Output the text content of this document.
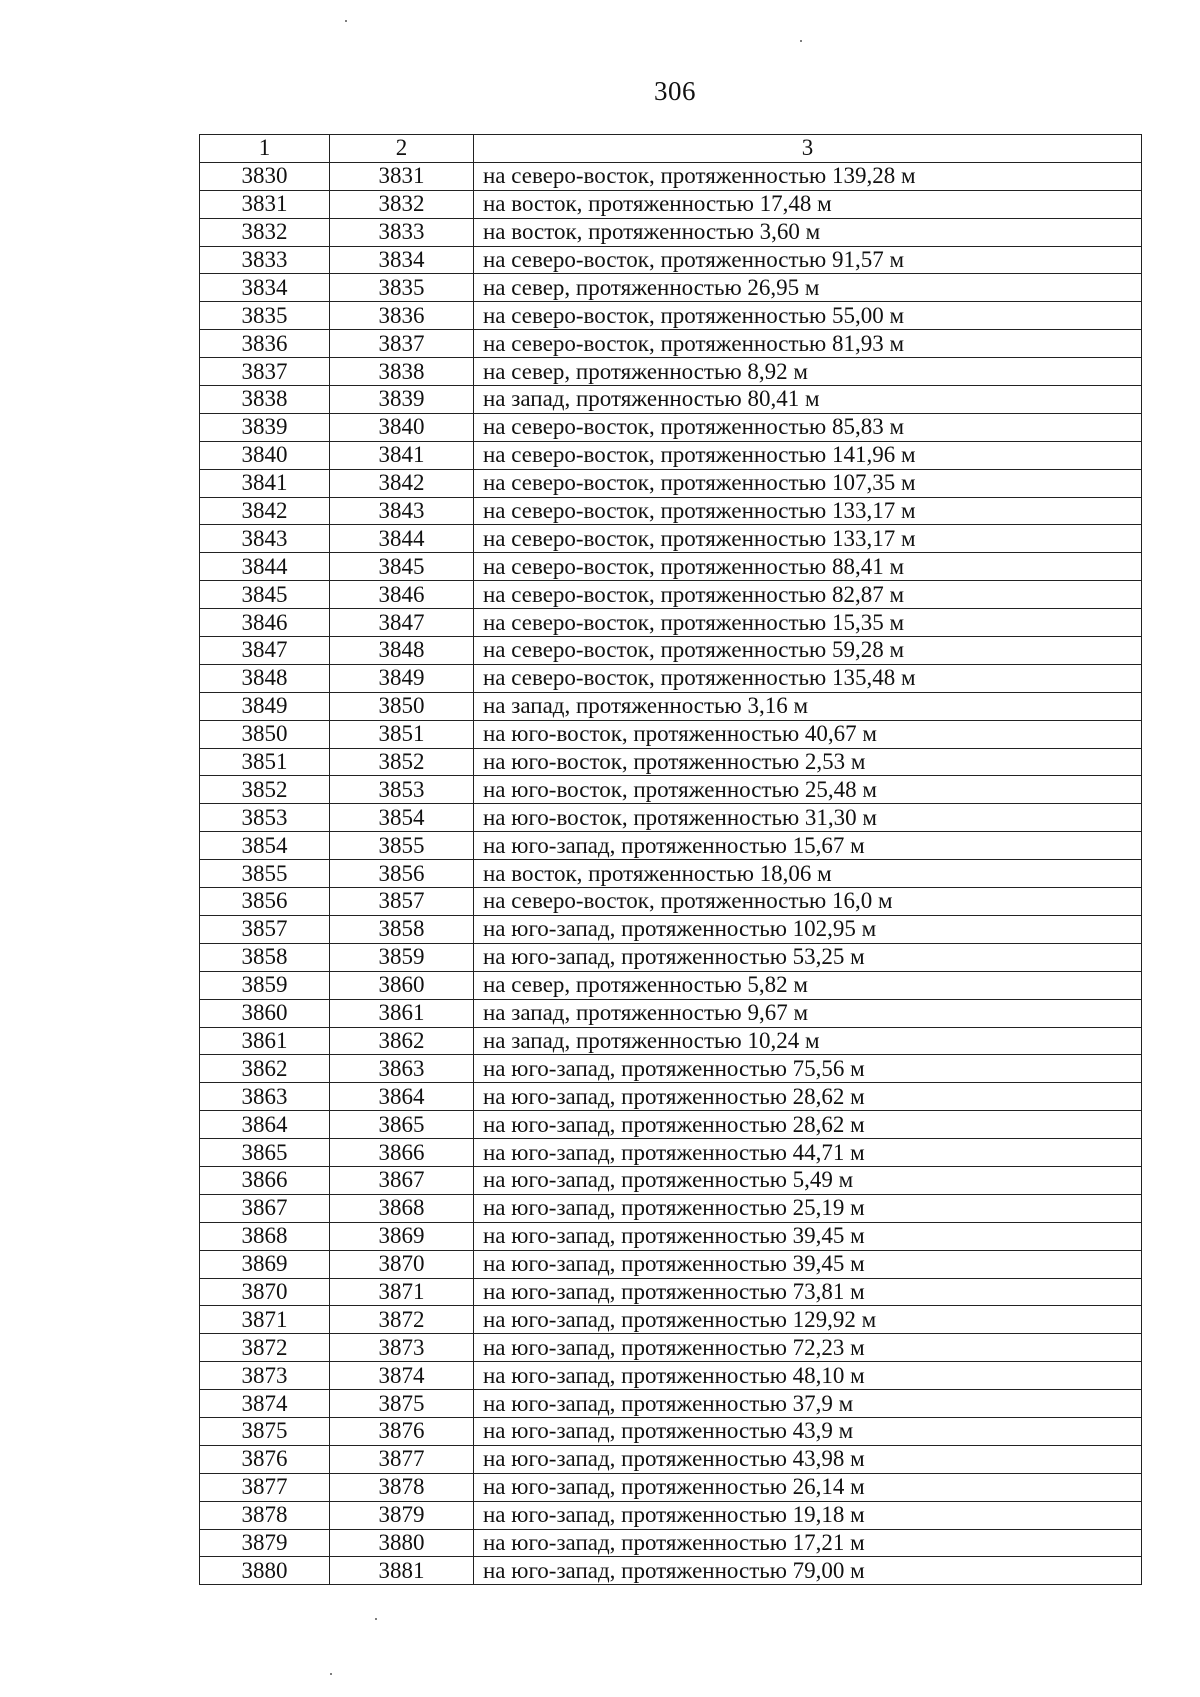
306
1	2	3
3830	3831	на северо-восток, протяженностью 139,28 м
3831	3832	на восток, протяженностью 17,48 м
3832	3833	на восток, протяженностью 3,60 м
3833	3834	на северо-восток, протяженностью 91,57 м
3834	3835	на север, протяженностью 26,95 м
3835	3836	на северо-восток, протяженностью 55,00 м
3836	3837	на северо-восток, протяженностью 81,93 м
3837	3838	на север, протяженностью 8,92 м
3838	3839	на запад, протяженностью 80,41 м
3839	3840	на северо-восток, протяженностью 85,83 м
3840	3841	на северо-восток, протяженностью 141,96 м
3841	3842	на северо-восток, протяженностью 107,35 м
3842	3843	на северо-восток, протяженностью 133,17 м
3843	3844	на северо-восток, протяженностью 133,17 м
3844	3845	на северо-восток, протяженностью 88,41 м
3845	3846	на северо-восток, протяженностью 82,87 м
3846	3847	на северо-восток, протяженностью 15,35 м
3847	3848	на северо-восток, протяженностью 59,28 м
3848	3849	на северо-восток, протяженностью 135,48 м
3849	3850	на запад, протяженностью 3,16 м
3850	3851	на юго-восток, протяженностью 40,67 м
3851	3852	на юго-восток, протяженностью 2,53 м
3852	3853	на юго-восток, протяженностью 25,48 м
3853	3854	на юго-восток, протяженностью 31,30 м
3854	3855	на юго-запад, протяженностью 15,67 м
3855	3856	на восток, протяженностью 18,06 м
3856	3857	на северо-восток, протяженностью 16,0 м
3857	3858	на юго-запад, протяженностью 102,95 м
3858	3859	на юго-запад, протяженностью 53,25 м
3859	3860	на север, протяженностью 5,82 м
3860	3861	на запад, протяженностью 9,67 м
3861	3862	на запад, протяженностью 10,24 м
3862	3863	на юго-запад, протяженностью 75,56 м
3863	3864	на юго-запад, протяженностью 28,62 м
3864	3865	на юго-запад, протяженностью 28,62 м
3865	3866	на юго-запад, протяженностью 44,71 м
3866	3867	на юго-запад, протяженностью 5,49 м
3867	3868	на юго-запад, протяженностью 25,19 м
3868	3869	на юго-запад, протяженностью 39,45 м
3869	3870	на юго-запад, протяженностью 39,45 м
3870	3871	на юго-запад, протяженностью 73,81 м
3871	3872	на юго-запад, протяженностью 129,92 м
3872	3873	на юго-запад, протяженностью 72,23 м
3873	3874	на юго-запад, протяженностью 48,10 м
3874	3875	на юго-запад, протяженностью 37,9 м
3875	3876	на юго-запад, протяженностью 43,9 м
3876	3877	на юго-запад, протяженностью 43,98 м
3877	3878	на юго-запад, протяженностью 26,14 м
3878	3879	на юго-запад, протяженностью 19,18 м
3879	3880	на юго-запад, протяженностью 17,21 м
3880	3881	на юго-запад, протяженностью 79,00 м
